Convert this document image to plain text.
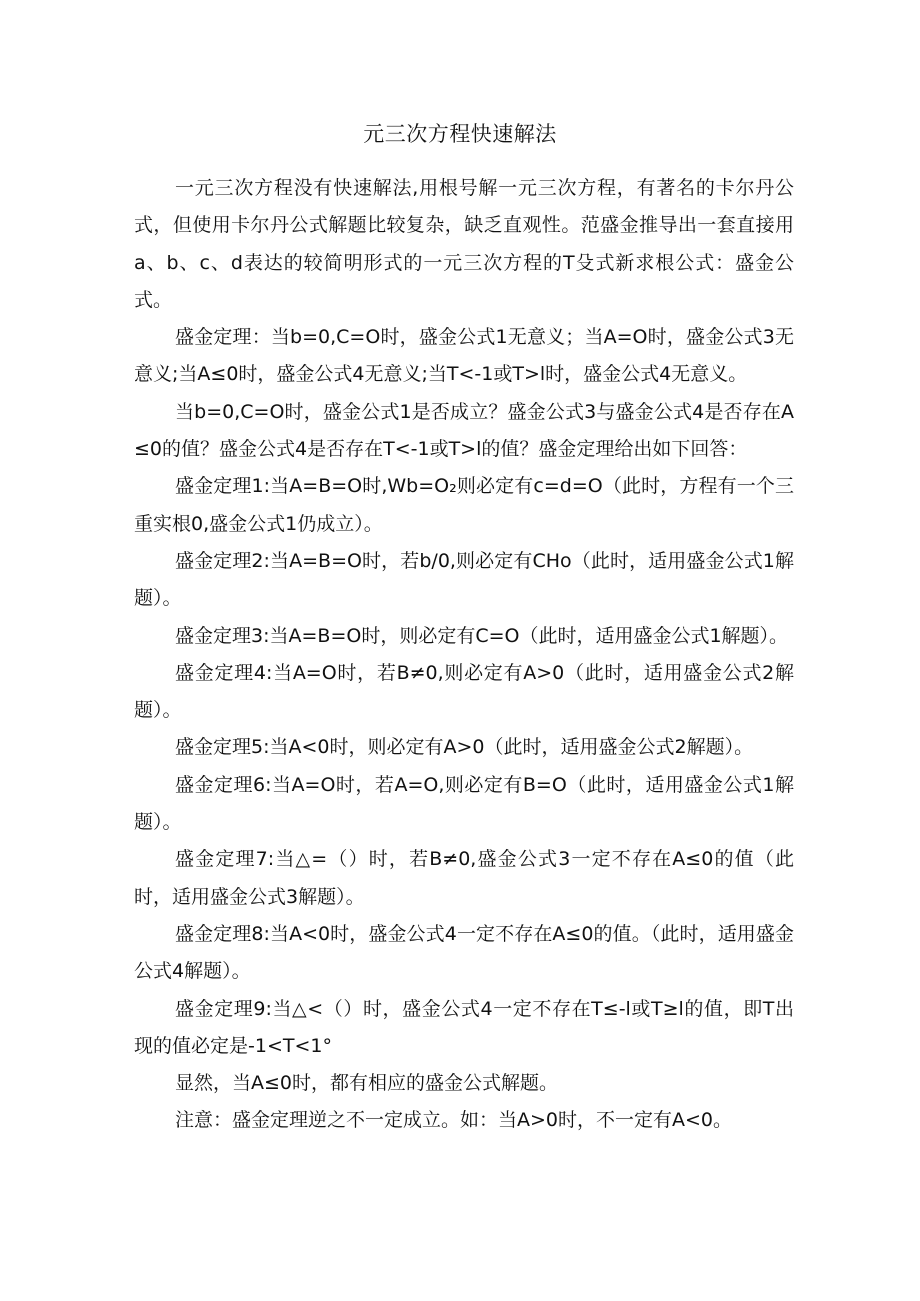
元三次方程快速解法

一元三次方程没有快速解法,用根号解一元三次方程，有著名的卡尔丹公式，但使用卡尔丹公式解题比较复杂，缺乏直观性。范盛金推导出一套直接用a、b、c、d表达的较简明形式的一元三次方程的T殳式新求根公式：盛金公式。

盛金定理：当b=0,C=O时，盛金公式1无意义；当A=O时，盛金公式3无意义;当A≤0时，盛金公式4无意义;当T<-1或T>l时，盛金公式4无意义。

当b=0,C=O时，盛金公式1是否成立？盛金公式3与盛金公式4是否存在A≤0的值？盛金公式4是否存在T<-1或T>l的值？盛金定理给出如下回答：

盛金定理1:当A=B=O时,Wb=O₂则必定有c=d=O（此时，方程有一个三重实根0,盛金公式1仍成立）。

盛金定理2:当A=B=O时，若b/0,则必定有CHo（此时，适用盛金公式1解题）。

盛金定理3:当A=B=O时，则必定有C=O（此时，适用盛金公式1解题）。

盛金定理4:当A=O时，若B≠0,则必定有A>0（此时，适用盛金公式2解题）。

盛金定理5:当A<0时，则必定有A>0（此时，适用盛金公式2解题）。

盛金定理6:当A=O时，若A=O,则必定有B=O（此时，适用盛金公式1解题）。

盛金定理7:当△=（）时，若B≠0,盛金公式3一定不存在A≤0的值（此时，适用盛金公式3解题）。

盛金定理8:当A<0时，盛金公式4一定不存在A≤0的值。（此时，适用盛金公式4解题）。

盛金定理9:当△<（）时，盛金公式4一定不存在T≤-l或T≥l的值，即T出现的值必定是-1<T<1°

显然，当A≤0时，都有相应的盛金公式解题。

注意：盛金定理逆之不一定成立。如：当A>0时，不一定有A<0。
